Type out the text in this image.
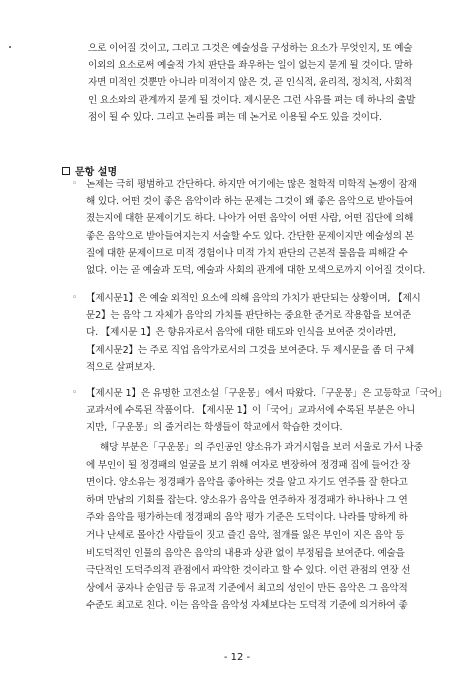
으로 이어질 것이고, 그리고 그것은 예술성을 구성하는 요소가 무엇인지, 또 예술
이외의 요소로써 예술적 가치 판단을 좌우하는 일이 없는지 묻게 될 것이다. 말하
자면 미적인 것뿐만 아니라 미적이지 않은 것, 곧 인식적, 윤리적, 정치적, 사회적
인 요소와의 관계까지 묻게 될 것이다. 제시문은 그런 사유를 펴는 데 하나의 출발
점이 될 수 있다. 그리고 논리를 펴는 데 논거로 이용될 수도 있을 것이다.
문항 설명
◦ 논제는 극히 평범하고 간단하다. 하지만 여기에는 많은 철학적 미학적 논쟁이 잠재
해 있다. 어떤 것이 좋은 음악이라 하는 문제는 그것이 왜 좋은 음악으로 받아들여
졌는지에 대한 문제이기도 하다. 나아가 어떤 음악이 어떤 사람, 어떤 집단에 의해
좋은 음악으로 받아들여지는지 서술할 수도 있다. 간단한 문제이지만 예술성의 본
질에 대한 문제이므로 미적 경험이나 미적 가치 판단의 근본적 물음을 피해갈 수
없다. 이는 곧 예술과 도덕, 예술과 사회의 관계에 대한 모색으로까지 이어질 것이다.
◦ 【제시문1】은 예술 외적인 요소에 의해 음악의 가치가 판단되는 상황이며, 【제시
문2】는 음악 그 자체가 음악의 가치를 판단하는 중요한 준거로 작용함을 보여준
다. 【제시문 1】은 향유자로서 음악에 대한 태도와 인식을 보여준 것이라면,
【제시문2】는 주로 직업 음악가로서의 그것을 보여준다. 두 제시문을 좀 더 구체
적으로 살펴보자.
◦ 【제시문 1】은 유명한 고전소설「구운몽」에서 따왔다.「구운몽」은 고등학교「국어」
교과서에 수록된 작품이다. 【제시문 1】이「국어」교과서에 수록된 부분은 아니
지만,「구운몽」의 줄거리는 학생들이 학교에서 학습한 것이다.
해당 부분은「구운몽」의 주인공인 양소유가 과거시험을 보러 서울로 가서 나중
에 부인이 될 정경패의 얼굴을 보기 위해 여자로 변장하여 정경패 집에 들어간 장
면이다. 양소유는 정경패가 음악을 좋아하는 것을 알고 자기도 연주를 잘 한다고
하며 만남의 기회를 잡는다. 양소유가 음악을 연주하자 정경패가 하나하나 그 연
주와 음악을 평가하는데 정경패의 음악 평가 기준은 도덕이다. 나라를 망하게 하
거나 난세로 몰아간 사람들이 짓고 즐긴 음악, 절개를 잃은 부인이 지은 음악 등
비도덕적인 인물의 음악은 음악의 내용과 상관 없이 부정됨을 보여준다. 예술을
극단적인 도덕주의적 관점에서 파악한 것이라고 할 수 있다. 이런 관점의 연장 선
상에서 공자나 순임금 등 유교적 기준에서 최고의 성인이 만든 음악은 그 음악적
수준도 최고로 친다. 이는 음악을 음악성 자체보다는 도덕적 기준에 의거하여 좋
- 12 -
